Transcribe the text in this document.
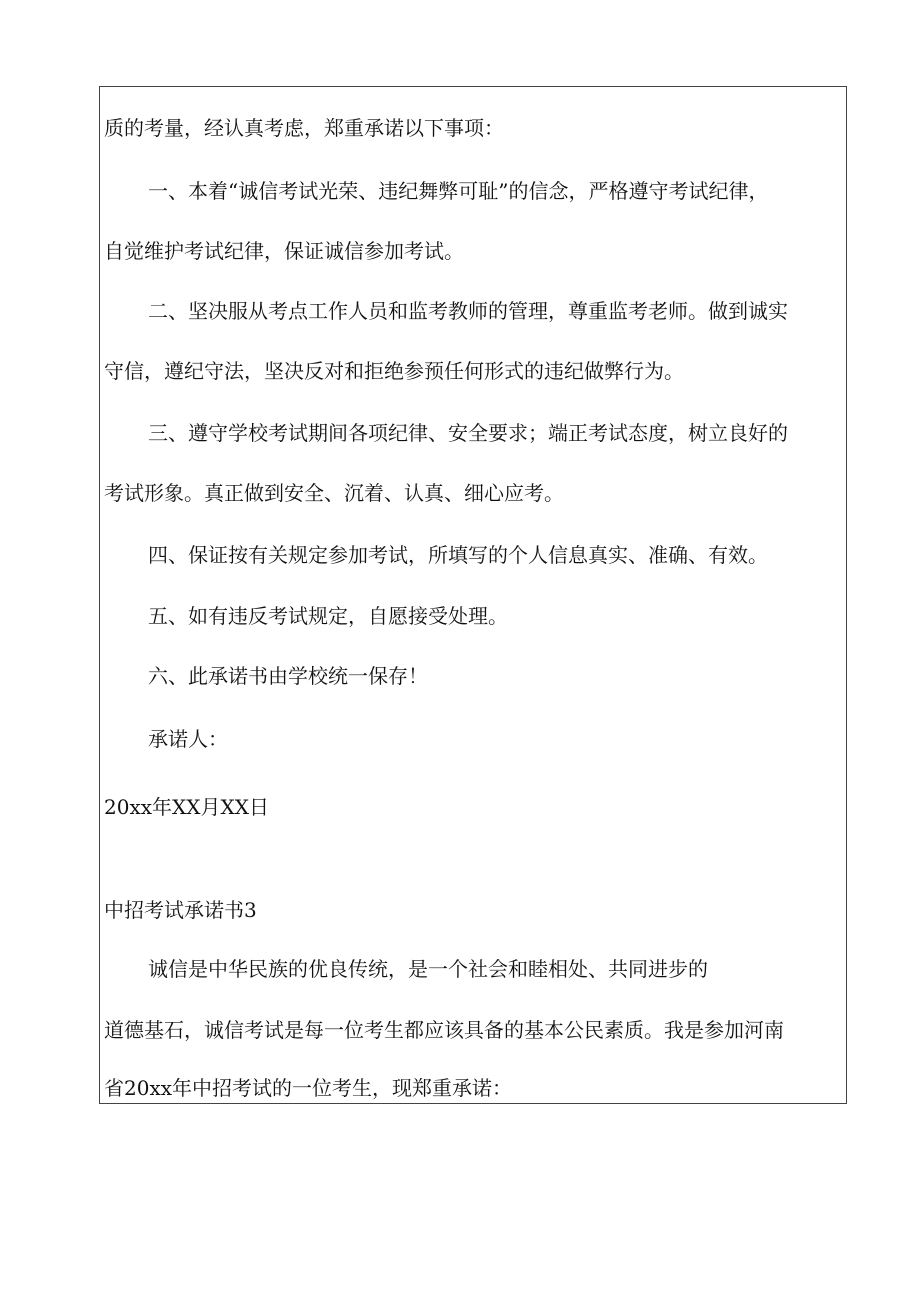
质的考量，经认真考虑，郑重承诺以下事项：
一、本着“诚信考试光荣、违纪舞弊可耻”的信念，严格遵守考试纪律，
自觉维护考试纪律，保证诚信参加考试。
二、坚决服从考点工作人员和监考教师的管理，尊重监考老师。做到诚实
守信，遵纪守法，坚决反对和拒绝参预任何形式的违纪做弊行为。
三、遵守学校考试期间各项纪律、安全要求；端正考试态度，树立良好的
考试形象。真正做到安全、沉着、认真、细心应考。
四、保证按有关规定参加考试，所填写的个人信息真实、准确、有效。
五、如有违反考试规定，自愿接受处理。
六、此承诺书由学校统一保存！
承诺人：
20xx年XX月XX日
中招考试承诺书3
诚信是中华民族的优良传统，是一个社会和睦相处、共同进步的
道德基石，诚信考试是每一位考生都应该具备的基本公民素质。我是参加河南
省20xx年中招考试的一位考生，现郑重承诺：
